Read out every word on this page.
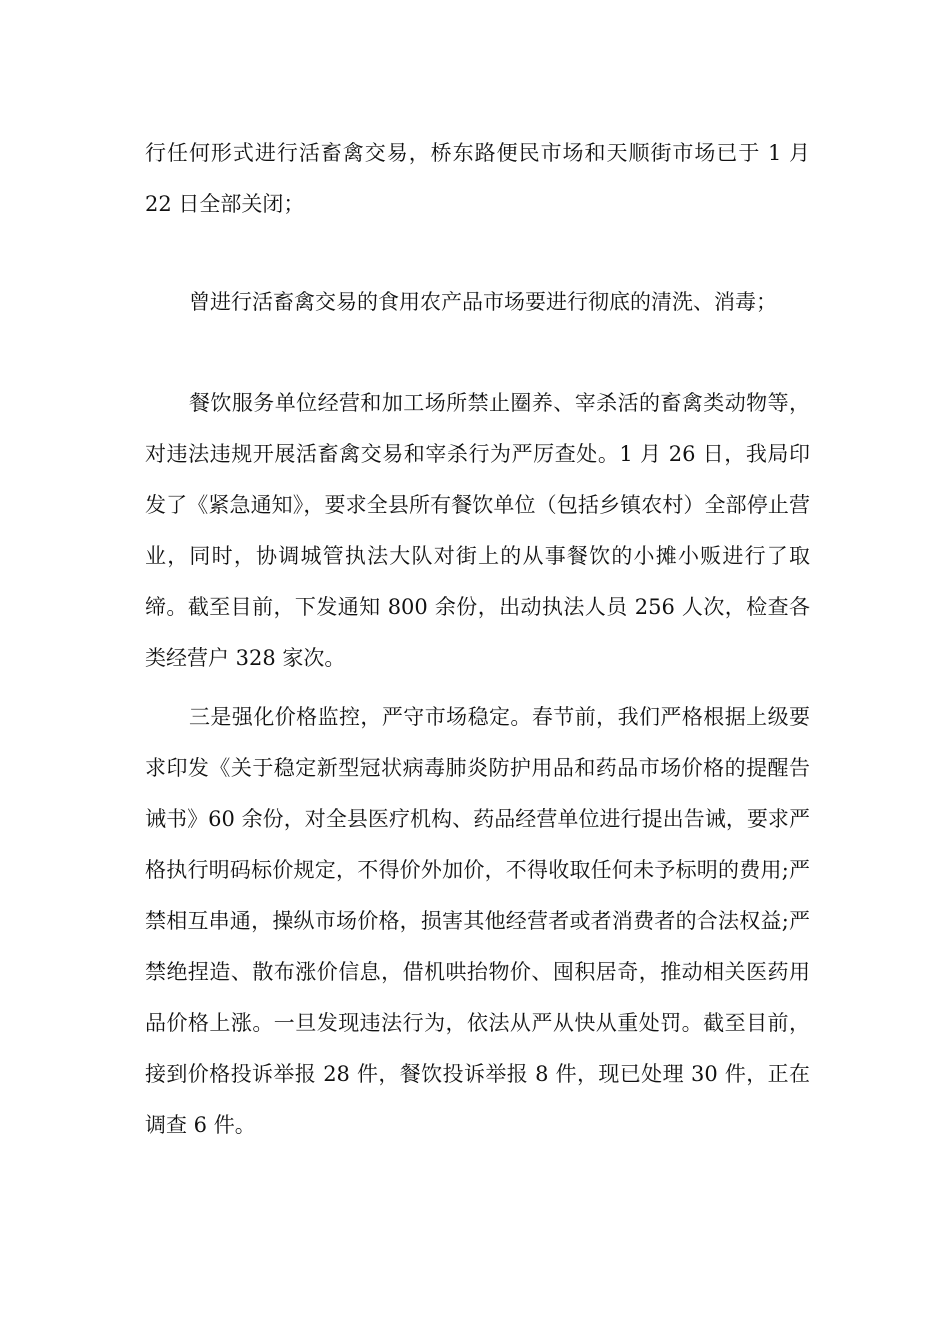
行任何形式进行活畜禽交易，桥东路便民市场和天顺街市场已于 1 月 22 日全部关闭；

曾进行活畜禽交易的食用农产品市场要进行彻底的清洗、消毒；

餐饮服务单位经营和加工场所禁止圈养、宰杀活的畜禽类动物等，对违法违规开展活畜禽交易和宰杀行为严厉查处。1 月 26 日，我局印发了《紧急通知》，要求全县所有餐饮单位（包括乡镇农村）全部停止营业，同时，协调城管执法大队对街上的从事餐饮的小摊小贩进行了取缔。截至目前，下发通知 800 余份，出动执法人员 256 人次，检查各类经营户 328 家次。

三是强化价格监控，严守市场稳定。春节前，我们严格根据上级要求印发《关于稳定新型冠状病毒肺炎防护用品和药品市场价格的提醒告诫书》60 余份，对全县医疗机构、药品经营单位进行提出告诫，要求严格执行明码标价规定，不得价外加价，不得收取任何未予标明的费用;严禁相互串通，操纵市场价格，损害其他经营者或者消费者的合法权益;严禁绝捏造、散布涨价信息，借机哄抬物价、囤积居奇，推动相关医药用品价格上涨。一旦发现违法行为，依法从严从快从重处罚。截至目前，接到价格投诉举报 28 件，餐饮投诉举报 8 件，现已处理 30 件，正在调查 6 件。
